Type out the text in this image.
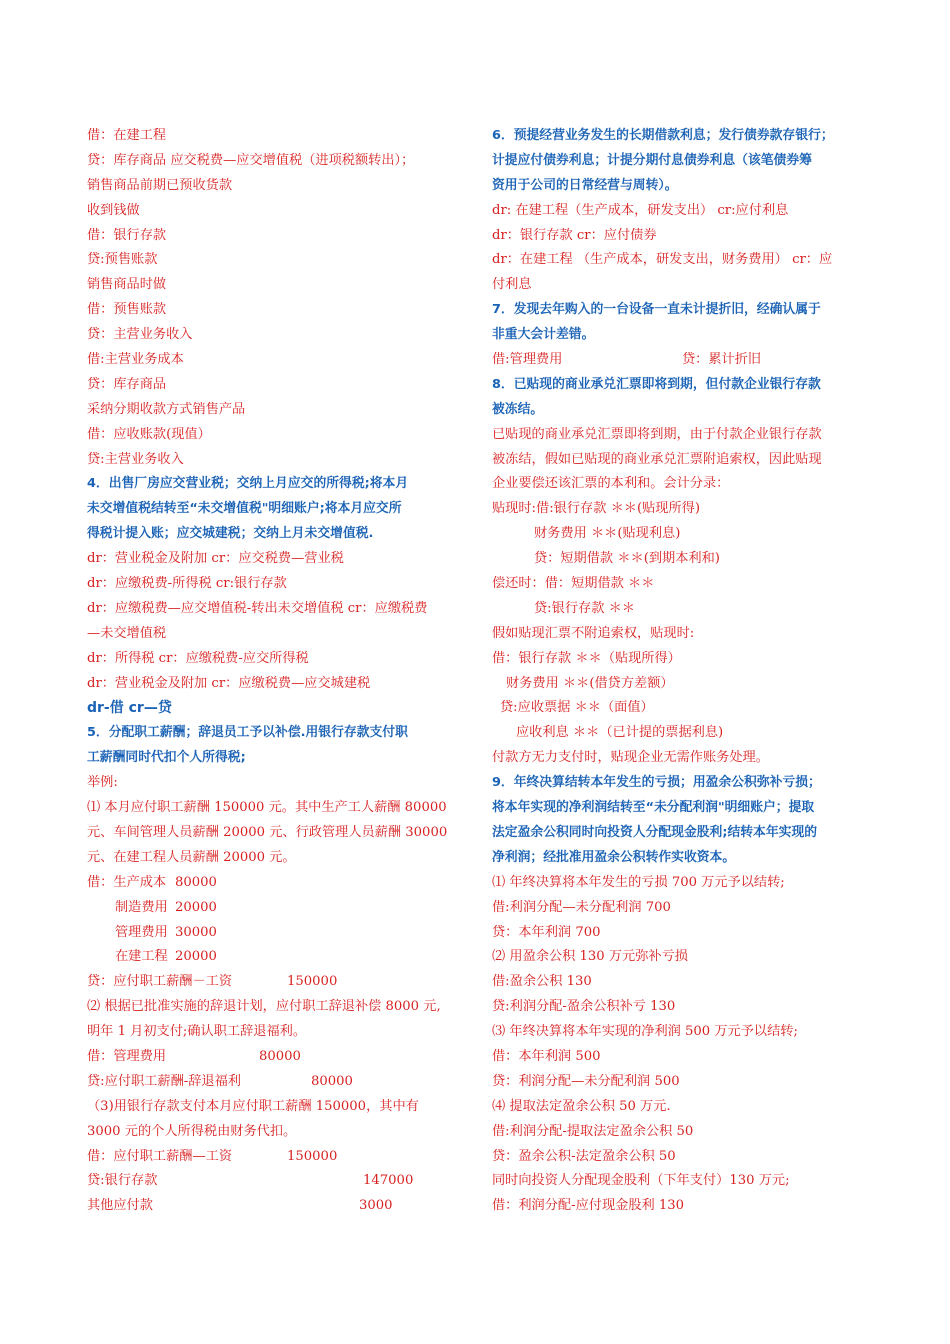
借：在建工程
贷：库存商品 应交税费—应交增值税（进项税额转出）；
销售商品前期已预收货款
收到钱做
借：银行存款
贷:预售账款
销售商品时做
借：预售账款
贷：主营业务收入
借:主营业务成本
贷：库存商品
采纳分期收款方式销售产品
借：应收账款(现值）
贷:主营业务收入
4．出售厂房应交营业税；交纳上月应交的所得税;将本月
未交增值税结转至“未交增值税"明细账户;将本月应交所
得税计提入账；应交城建税；交纳上月未交增值税.
dr：营业税金及附加 cr：应交税费—营业税
dr：应缴税费-所得税 cr:银行存款
dr：应缴税费—应交增值税-转出未交增值税 cr：应缴税费
—未交增值税
dr：所得税 cr：应缴税费-应交所得税
dr：营业税金及附加 cr：应缴税费—应交城建税
dr-借 cr—贷
5．分配职工薪酬；辞退员工予以补偿.用银行存款支付职
工薪酬同时代扣个人所得税;
举例:
⑴ 本月应付职工薪酬 150000 元。其中生产工人薪酬 80000
元、车间管理人员薪酬 20000 元、行政管理人员薪酬 30000
元、在建工程人员薪酬 20000 元。
借：生产成本 80000
制造费用 20000
管理费用 30000
在建工程 20000
贷：应付职工薪酬－工资	150000
⑵ 根据已批准实施的辞退计划，应付职工辞退补偿 8000 元,
明年 1 月初支付;确认职工辞退福利。
借：管理费用	80000
贷:应付职工薪酬-辞退福利	80000
（3)用银行存款支付本月应付职工薪酬 150000，其中有
3000 元的个人所得税由财务代扣。
借：应付职工薪酬—工资	150000
贷:银行存款	147000
其他应付款	3000
6．预提经营业务发生的长期借款利息；发行债券款存银行；
计提应付债券利息；计提分期付息债券利息（该笔债券筹
资用于公司的日常经营与周转）。
dr: 在建工程（生产成本，研发支出） cr:应付利息
dr：银行存款 cr：应付债券
dr：在建工程 （生产成本，研发支出，财务费用） cr：应
付利息
7．发现去年购入的一台设备一直未计提折旧，经确认属于
非重大会计差错。
借:管理费用	贷：累计折旧
8．已贴现的商业承兑汇票即将到期，但付款企业银行存款
被冻结。
已贴现的商业承兑汇票即将到期，由于付款企业银行存款
被冻结，假如已贴现的商业承兑汇票附追索权，因此贴现
企业要偿还该汇票的本利和。会计分录：
贴现时:借:银行存款 ＊＊(贴现所得)
财务费用 ＊＊(贴现利息)
贷：短期借款 ＊＊(到期本利和)
偿还时：借：短期借款 ＊＊
贷:银行存款 ＊＊
假如贴现汇票不附追索权，贴现时:
借：银行存款 ＊＊（贴现所得）
财务费用 ＊＊(借贷方差额）
贷:应收票据 ＊＊（面值）
应收利息 ＊＊（已计提的票据利息)
付款方无力支付时，贴现企业无需作账务处理。
9．年终决算结转本年发生的亏损；用盈余公积弥补亏损；
将本年实现的净利润结转至“未分配利润"明细账户；提取
法定盈余公积同时向投资人分配现金股利;结转本年实现的
净利润；经批准用盈余公积转作实收资本。
⑴ 年终决算将本年发生的亏损 700 万元予以结转;
借:利润分配—未分配利润 700
贷：本年利润 700
⑵ 用盈余公积 130 万元弥补亏损
借:盈余公积 130
贷:利润分配-盈余公积补亏 130
⑶ 年终决算将本年实现的净利润 500 万元予以结转;
借：本年利润 500
贷：利润分配—未分配利润 500
⑷ 提取法定盈余公积 50 万元.
借:利润分配-提取法定盈余公积 50
贷：盈余公积-法定盈余公积 50
同时向投资人分配现金股利（下年支付）130 万元;
借：利润分配-应付现金股利 130
